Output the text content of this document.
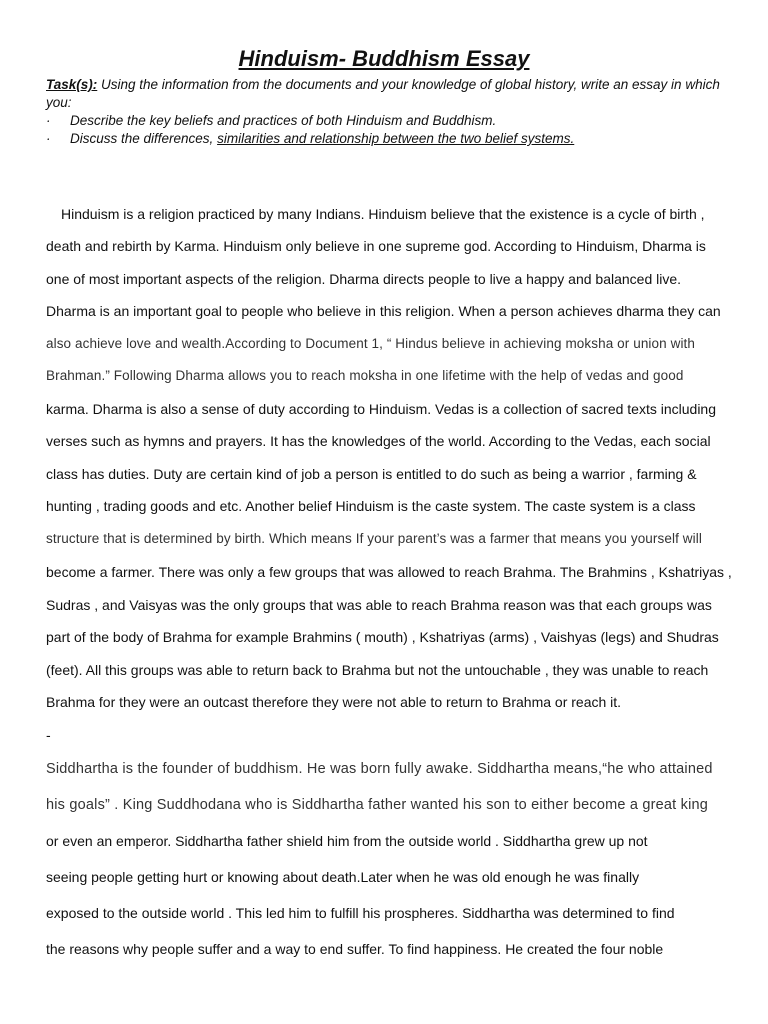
Hinduism- Buddhism Essay
Task(s): Using the information from the documents and your knowledge of global history, write an essay in which you:
· Describe the key beliefs and practices of both Hinduism and Buddhism.
· Discuss the differences, similarities and relationship between the two belief systems.
Hinduism is a religion practiced by many Indians. Hinduism believe that the existence is a cycle of birth ,
death and rebirth by Karma. Hinduism only believe in one supreme god. According to Hinduism, Dharma is
one of most important aspects of the religion. Dharma directs people to live a happy and balanced live.
Dharma is an important goal to people who believe in this religion. When a person achieves dharma they can
also achieve love and wealth.According to Document 1, “ Hindus believe in achieving moksha or union with
Brahman.” Following Dharma allows you to reach moksha in one lifetime with the help of vedas and good
karma. Dharma is also a sense of duty according to Hinduism. Vedas is a collection of sacred texts including
verses such as hymns and prayers. It has the knowledges of the world. According to the Vedas, each social
class has duties. Duty are certain kind of job a person is entitled to do such as being a warrior , farming &
hunting , trading goods and etc. Another belief Hinduism is the caste system. The caste system is a class
structure that is determined by birth. Which means If your parent’s was a farmer that means you yourself will
become a farmer. There was only a few groups that was allowed to reach Brahma. The Brahmins , Kshatriyas ,
Sudras , and Vaisyas was the only groups that was able to reach Brahma reason was that each groups was
part of the body of Brahma for example Brahmins ( mouth) , Kshatriyas (arms) , Vaishyas (legs) and Shudras
(feet). All this groups was able to return back to Brahma but not the untouchable , they was unable to reach
Brahma for they were an outcast therefore they were not able to return to Brahma or reach it.
-
Siddhartha is the founder of buddhism. He was born fully awake. Siddhartha means,“he who attained
his goals” . King Suddhodana who is Siddhartha father wanted his son to either become a great king
or even an emperor. Siddhartha father shield him from the outside world . Siddhartha grew up not
seeing people getting hurt or knowing about death.Later when he was old enough he was finally
exposed to the outside world . This led him to fulfill his prospheres. Siddhartha was determined to find
the reasons why people suffer and a way to end suffer. To find happiness. He created the four noble
